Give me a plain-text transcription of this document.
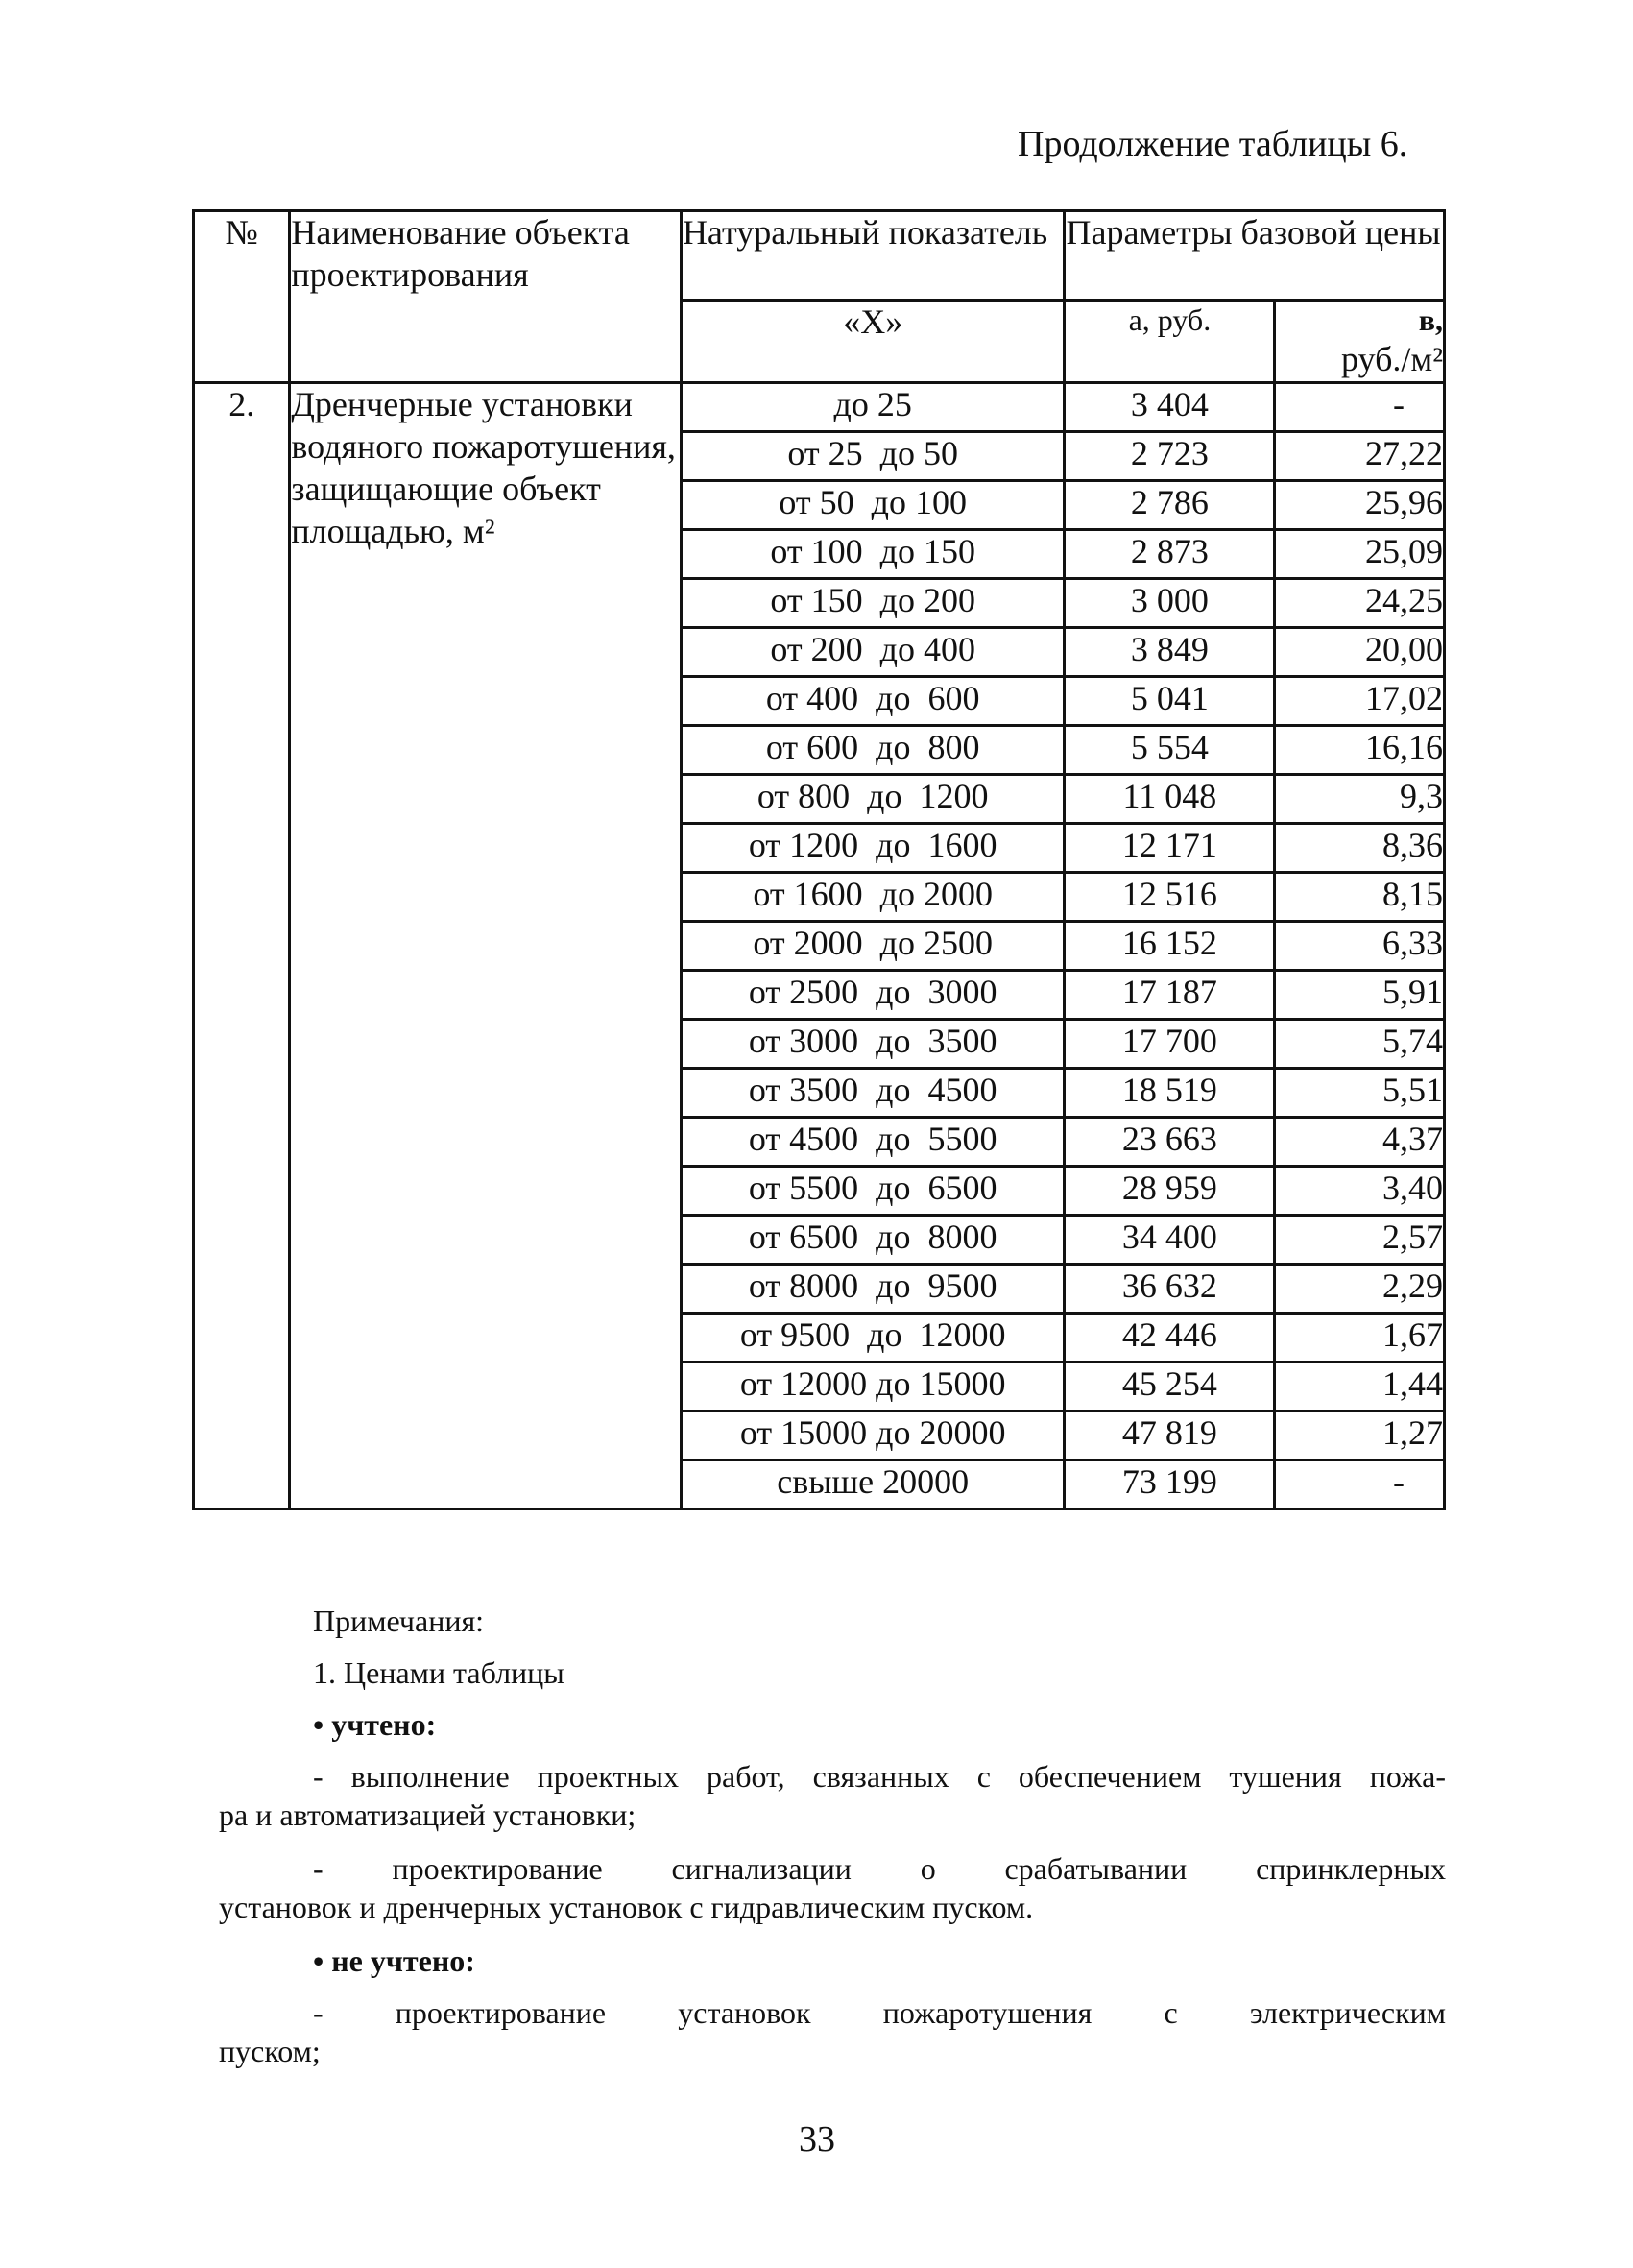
Продолжение таблицы 6.
№	Наименование объекта проектирования	Натуральный показатель	Параметры базовой цены	
		«Х»	а, руб.	в,
руб./м²
2.	Дренчерные установки водяного пожаротушения, защищающие объект площадью, м²	до 25	3 404	-
		от 25  до 50	2 723	27,22
		от 50  до 100	2 786	25,96
		от 100  до 150	2 873	25,09
		от 150  до 200	3 000	24,25
		от 200  до 400	3 849	20,00
		от 400  до  600	5 041	17,02
		от 600  до  800	5 554	16,16
		от 800  до  1200	11 048	9,3
		от 1200  до  1600	12 171	8,36
		от 1600  до 2000	12 516	8,15
		от 2000  до 2500	16 152	6,33
		от 2500  до  3000	17 187	5,91
		от 3000  до  3500	17 700	5,74
		от 3500  до  4500	18 519	5,51
		от 4500  до  5500	23 663	4,37
		от 5500  до  6500	28 959	3,40
		от 6500  до  8000	34 400	2,57
		от 8000  до  9500	36 632	2,29
		от 9500  до  12000	42 446	1,67
		от 12000 до 15000	45 254	1,44
		от 15000 до 20000	47 819	1,27
		свыше 20000	73 199	-

Примечания:

1. Ценами таблицы

• учтено:

- выполнение проектных работ, связанных с обеспечением тушения пожа-
ра и автоматизацией установки;
- проектирование сигнализации о срабатывании спринклерных
установок и дренчерных установок с гидравлическим пуском.

• не учтено:

- проектирование установок пожаротушения с электрическим
пуском;
33
